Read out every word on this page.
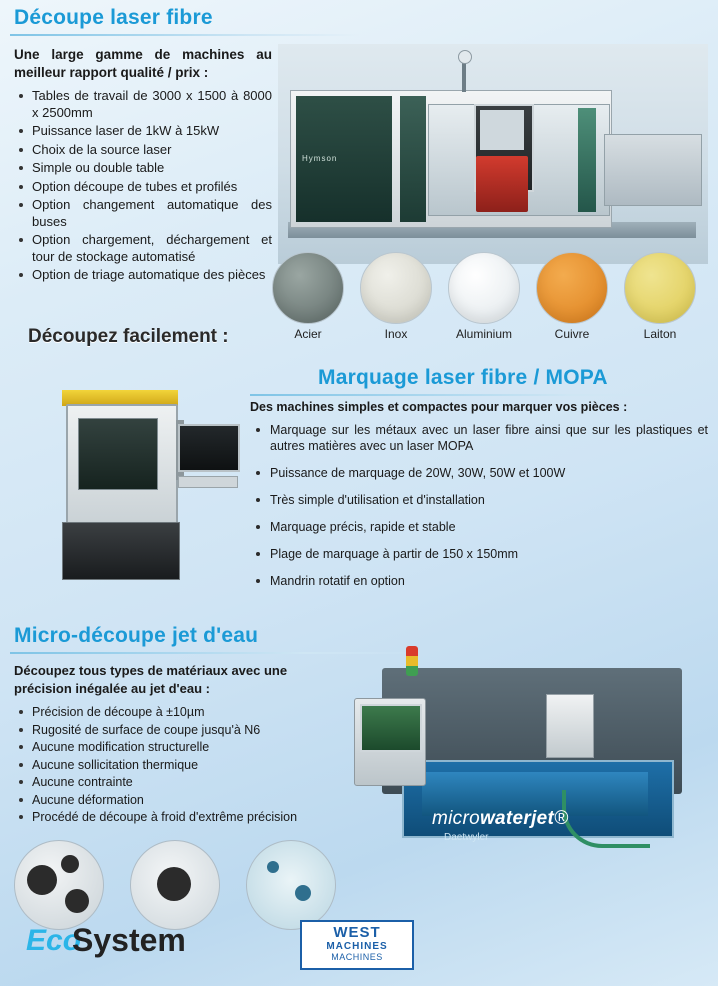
Découpe laser fibre
Une large gamme de machines au meilleur rapport qualité / prix :
Tables de travail de 3000 x 1500 à 8000 x 2500mm
Puissance laser de 1kW à 15kW
Choix de la source laser
Simple ou double table
Option découpe de tubes et profilés
Option changement automatique des buses
Option chargement, déchargement et tour de stockage automatisé
Option de triage automatique des pièces
Hymson
Découpez facilement :	Acier	Inox	Aluminium	Cuivre	Laiton
Marquage laser fibre / MOPA
Des machines simples et compactes pour marquer vos pièces :
Marquage sur les métaux avec un laser fibre ainsi que sur les plastiques et autres matières avec un laser MOPA
Puissance de marquage de 20W, 30W, 50W et 100W
Très simple d'utilisation et d'installation
Marquage précis, rapide et stable
Plage de marquage à partir de 150 x 150mm
Mandrin rotatif en option
Micro-découpe jet d'eau
Découpez tous types de matériaux avec une précision inégalée au jet d'eau :
Précision de découpe à ±10µm
Rugosité de surface de coupe jusqu'à N6
Aucune modification structurelle
Aucune sollicitation thermique
Aucune contrainte
Aucune déformation
Procédé de découpe à froid d'extrême précision	microwaterjet®
Daetwyler
Eco
System	WEST
MACHINES
MACHINES
